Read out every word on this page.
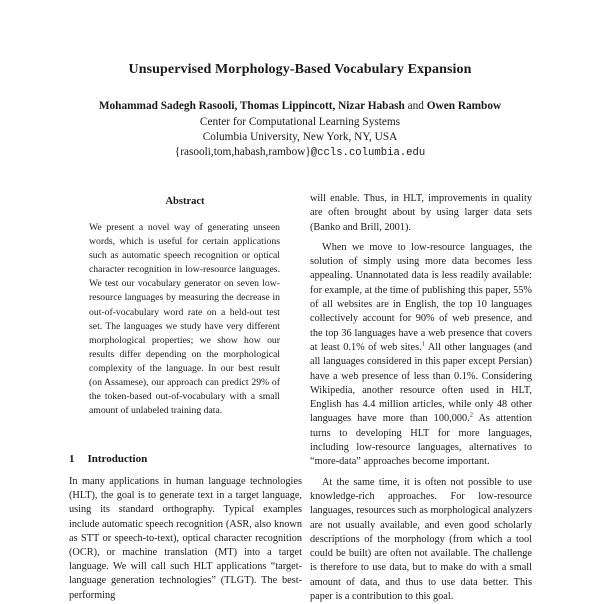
Unsupervised Morphology-Based Vocabulary Expansion
Mohammad Sadegh Rasooli, Thomas Lippincott, Nizar Habash and Owen Rambow
Center for Computational Learning Systems
Columbia University, New York, NY, USA
{rasooli,tom,habash,rambow}@ccls.columbia.edu
Abstract
We present a novel way of generating unseen words, which is useful for certain applications such as automatic speech recognition or optical character recognition in low-resource languages. We test our vocabulary generator on seven low-resource languages by measuring the decrease in out-of-vocabulary word rate on a held-out test set. The languages we study have very different morphological properties; we show how our results differ depending on the morphological complexity of the language. In our best result (on Assamese), our approach can predict 29% of the token-based out-of-vocabulary with a small amount of unlabeled training data.
1 Introduction
In many applications in human language technologies (HLT), the goal is to generate text in a target language, using its standard orthography. Typical examples include automatic speech recognition (ASR, also known as STT or speech-to-text), optical character recognition (OCR), or machine translation (MT) into a target language. We will call such HLT applications “target-language generation technologies” (TLGT). The best-performing

will enable. Thus, in HLT, improvements in quality are often brought about by using larger data sets (Banko and Brill, 2001).

When we move to low-resource languages, the solution of simply using more data becomes less appealing. Unannotated data is less readily available: for example, at the time of publishing this paper, 55% of all websites are in English, the top 10 languages collectively account for 90% of web presence, and the top 36 languages have a web presence that covers at least 0.1% of web sites.$^1$ All other languages (and all languages considered in this paper except Persian) have a web presence of less than 0.1%. Considering Wikipedia, another resource often used in HLT, English has 4.4 million articles, while only 48 other languages have more than 100,000.$^2$ As attention turns to developing HLT for more languages, including low-resource languages, alternatives to “more-data” approaches become important.

At the same time, it is often not possible to use knowledge-rich approaches. For low-resource languages, resources such as morphological analyzers are not usually available, and even good scholarly descriptions of the morphology (from which a tool could be built) are often not available. The challenge is therefore to use data, but to make do with a small amount of data, and thus to use data better. This paper is a contribution to this goal.
